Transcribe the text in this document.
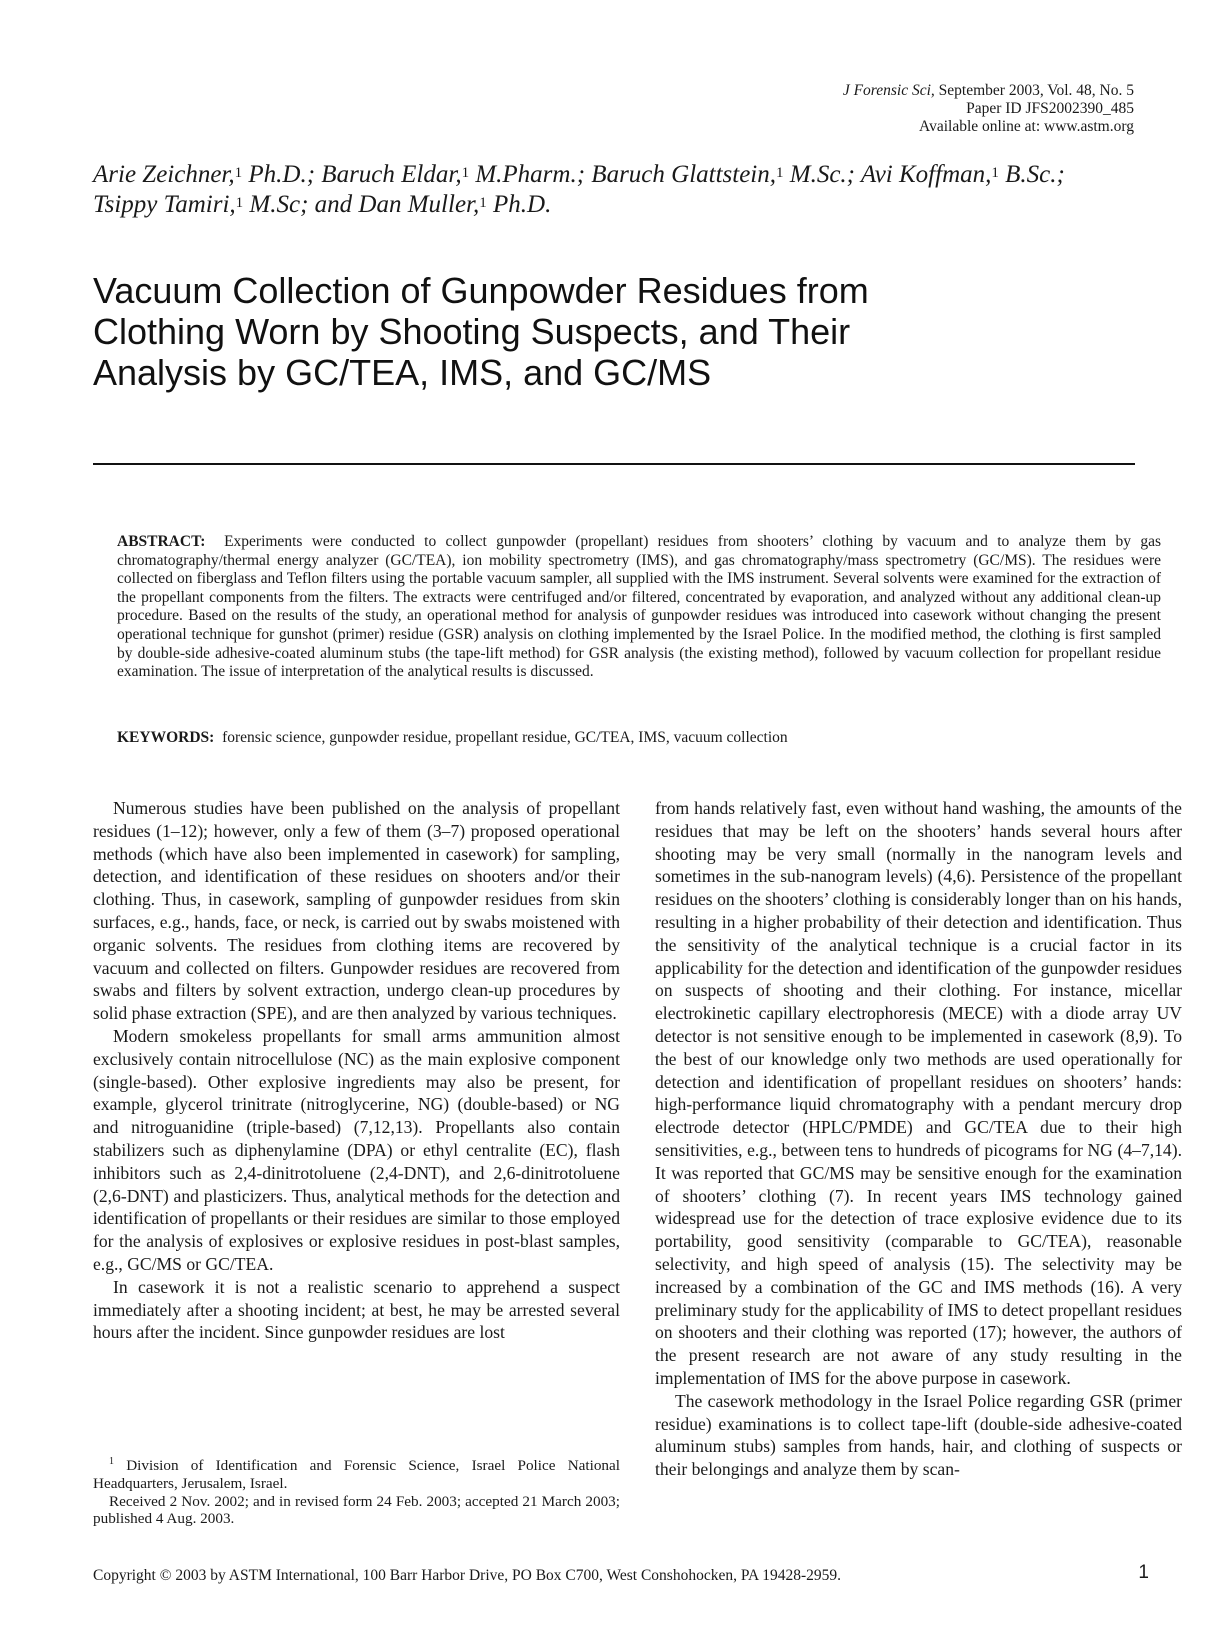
J Forensic Sci, September 2003, Vol. 48, No. 5
Paper ID JFS2002390_485
Available online at: www.astm.org
Arie Zeichner,$^1$ Ph.D.; Baruch Eldar,$^1$ M.Pharm.; Baruch Glattstein,$^1$ M.Sc.; Avi Koffman,$^1$ B.Sc.;
Tsippy Tamiri,$^1$ M.Sc; and Dan Muller,$^1$ Ph.D.
Vacuum Collection of Gunpowder Residues from
Clothing Worn by Shooting Suspects, and Their
Analysis by GC/TEA, IMS, and GC/MS
ABSTRACT: Experiments were conducted to collect gunpowder (propellant) residues from shooters’ clothing by vacuum and to analyze them by gas chromatography/thermal energy analyzer (GC/TEA), ion mobility spectrometry (IMS), and gas chromatography/mass spectrometry (GC/MS). The residues were collected on fiberglass and Teflon filters using the portable vacuum sampler, all supplied with the IMS instrument. Several solvents were examined for the extraction of the propellant components from the filters. The extracts were centrifuged and/or filtered, concentrated by evaporation, and analyzed without any additional clean-up procedure. Based on the results of the study, an operational method for analysis of gunpowder residues was introduced into casework without changing the present operational technique for gunshot (primer) residue (GSR) analysis on clothing implemented by the Israel Police. In the modified method, the clothing is first sampled by double-side adhesive-coated aluminum stubs (the tape-lift method) for GSR analysis (the existing method), followed by vacuum collection for propellant residue examination. The issue of interpretation of the analytical results is discussed.
KEYWORDS: forensic science, gunpowder residue, propellant residue, GC/TEA, IMS, vacuum collection

Numerous studies have been published on the analysis of propellant residues (1–12); however, only a few of them (3–7) proposed operational methods (which have also been implemented in casework) for sampling, detection, and identification of these residues on shooters and/or their clothing. Thus, in casework, sampling of gunpowder residues from skin surfaces, e.g., hands, face, or neck, is carried out by swabs moistened with organic solvents. The residues from clothing items are recovered by vacuum and collected on filters. Gunpowder residues are recovered from swabs and filters by solvent extraction, undergo clean-up procedures by solid phase extraction (SPE), and are then analyzed by various techniques.

Modern smokeless propellants for small arms ammunition almost exclusively contain nitrocellulose (NC) as the main explosive component (single-based). Other explosive ingredients may also be present, for example, glycerol trinitrate (nitroglycerine, NG) (double-based) or NG and nitroguanidine (triple-based) (7,12,13). Propellants also contain stabilizers such as diphenylamine (DPA) or ethyl centralite (EC), flash inhibitors such as 2,4-dinitrotoluene (2,4-DNT), and 2,6-dinitrotoluene (2,6-DNT) and plasticizers. Thus, analytical methods for the detection and identification of propellants or their residues are similar to those employed for the analysis of explosives or explosive residues in post-blast samples, e.g., GC/MS or GC/TEA.

In casework it is not a realistic scenario to apprehend a suspect immediately after a shooting incident; at best, he may be arrested several hours after the incident. Since gunpowder residues are lost

from hands relatively fast, even without hand washing, the amounts of the residues that may be left on the shooters’ hands several hours after shooting may be very small (normally in the nanogram levels and sometimes in the sub-nanogram levels) (4,6). Persistence of the propellant residues on the shooters’ clothing is considerably longer than on his hands, resulting in a higher probability of their detection and identification. Thus the sensitivity of the analytical technique is a crucial factor in its applicability for the detection and identification of the gunpowder residues on suspects of shooting and their clothing. For instance, micellar electrokinetic capillary electrophoresis (MECE) with a diode array UV detector is not sensitive enough to be implemented in casework (8,9). To the best of our knowledge only two methods are used operationally for detection and identification of propellant residues on shooters’ hands: high-performance liquid chromatography with a pendant mercury drop electrode detector (HPLC/PMDE) and GC/TEA due to their high sensitivities, e.g., between tens to hundreds of picograms for NG (4–7,14). It was reported that GC/MS may be sensitive enough for the examination of shooters’ clothing (7). In recent years IMS technology gained widespread use for the detection of trace explosive evidence due to its portability, good sensitivity (comparable to GC/TEA), reasonable selectivity, and high speed of analysis (15). The selectivity may be increased by a combination of the GC and IMS methods (16). A very preliminary study for the applicability of IMS to detect propellant residues on shooters and their clothing was reported (17); however, the authors of the present research are not aware of any study resulting in the implementation of IMS for the above purpose in casework.

The casework methodology in the Israel Police regarding GSR (primer residue) examinations is to collect tape-lift (double-side adhesive-coated aluminum stubs) samples from hands, hair, and clothing of suspects or their belongings and analyze them by scan-

$^1$ Division of Identification and Forensic Science, Israel Police National Headquarters, Jerusalem, Israel.

Received 2 Nov. 2002; and in revised form 24 Feb. 2003; accepted 21 March 2003; published 4 Aug. 2003.

Copyright © 2003 by ASTM International, 100 Barr Harbor Drive, PO Box C700, West Conshohocken, PA 19428-2959.	1
